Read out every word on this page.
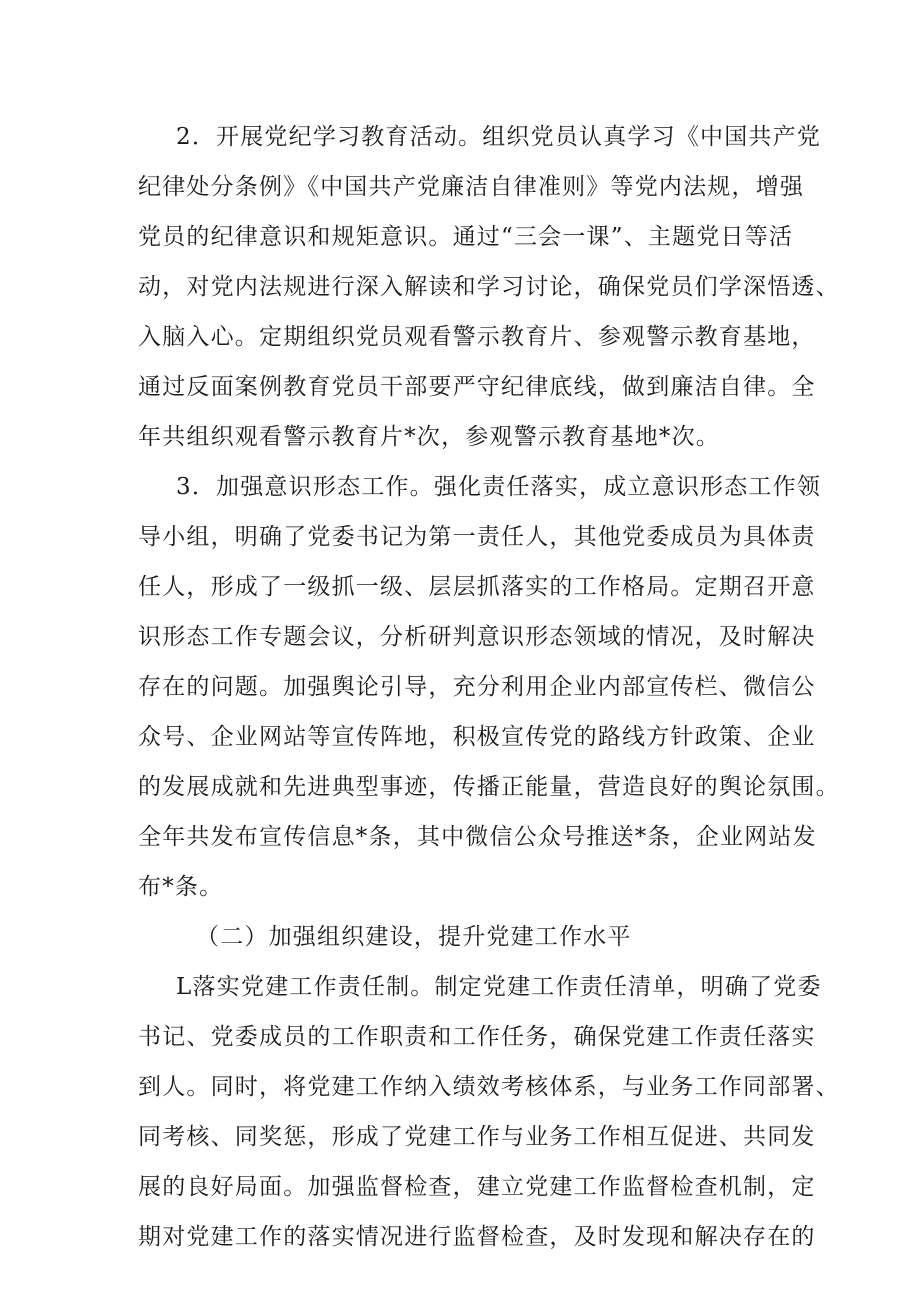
2．开展党纪学习教育活动。组织党员认真学习《中国共产党

纪律处分条例》《中国共产党廉洁自律准则》等党内法规，增强

党员的纪律意识和规矩意识。通过“三会一课”、主题党日等活

动，对党内法规进行深入解读和学习讨论，确保党员们学深悟透、

入脑入心。定期组织党员观看警示教育片、参观警示教育基地，

通过反面案例教育党员干部要严守纪律底线，做到廉洁自律。全

年共组织观看警示教育片*次，参观警示教育基地*次。

3．加强意识形态工作。强化责任落实，成立意识形态工作领

导小组，明确了党委书记为第一责任人，其他党委成员为具体责

任人，形成了一级抓一级、层层抓落实的工作格局。定期召开意

识形态工作专题会议，分析研判意识形态领域的情况，及时解决

存在的问题。加强舆论引导，充分利用企业内部宣传栏、微信公

众号、企业网站等宣传阵地，积极宣传党的路线方针政策、企业

的发展成就和先进典型事迹，传播正能量，营造良好的舆论氛围。

全年共发布宣传信息*条，其中微信公众号推送*条，企业网站发

布*条。

（二）加强组织建设，提升党建工作水平

L落实党建工作责任制。制定党建工作责任清单，明确了党委

书记、党委成员的工作职责和工作任务，确保党建工作责任落实

到人。同时，将党建工作纳入绩效考核体系，与业务工作同部署、

同考核、同奖惩，形成了党建工作与业务工作相互促进、共同发

展的良好局面。加强监督检查，建立党建工作监督检查机制，定

期对党建工作的落实情况进行监督检查，及时发现和解决存在的
